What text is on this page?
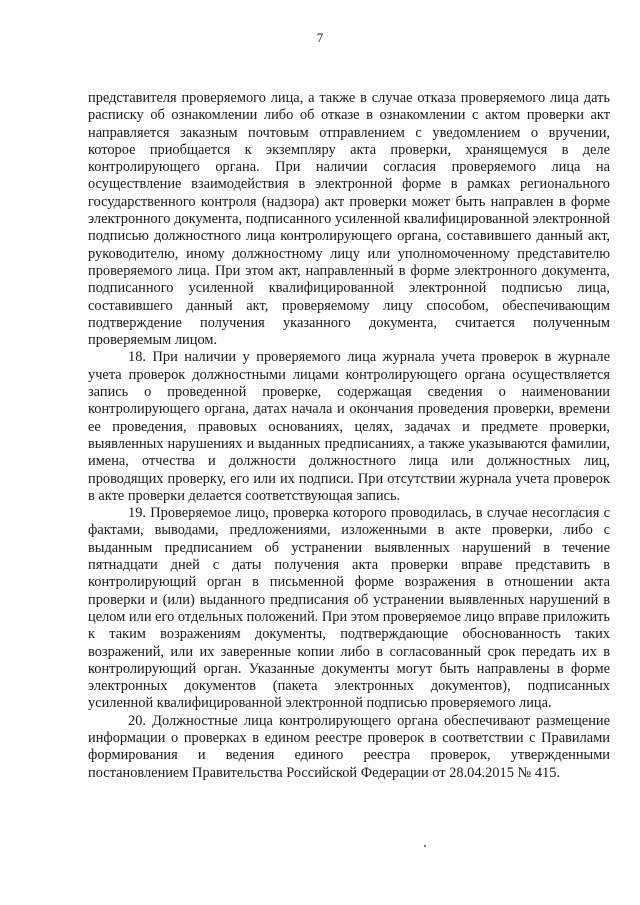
7

представителя проверяемого лица, а также в случае отказа проверяемого лица дать расписку об ознакомлении либо об отказе в ознакомлении с актом проверки акт направляется заказным почтовым отправлением с уведомлением о вручении, которое приобщается к экземпляру акта проверки, хранящемуся в деле контролирующего органа. При наличии согласия проверяемого лица на осуществление взаимодействия в электронной форме в рамках регионального государственного контроля (надзора) акт проверки может быть направлен в форме электронного документа, подписанного усиленной квалифицированной электронной подписью должностного лица контролирующего органа, составившего данный акт, руководителю, иному должностному лицу или уполномоченному представителю проверяемого лица. При этом акт, направленный в форме электронного документа, подписанного усиленной квалифицированной электронной подписью лица, составившего данный акт, проверяемому лицу способом, обеспечивающим подтверждение получения указанного документа, считается полученным проверяемым лицом.

18. При наличии у проверяемого лица журнала учета проверок в журнале учета проверок должностными лицами контролирующего органа осуществляется запись о проведенной проверке, содержащая сведения о наименовании контролирующего органа, датах начала и окончания проведения проверки, времени ее проведения, правовых основаниях, целях, задачах и предмете проверки, выявленных нарушениях и выданных предписаниях, а также указываются фамилии, имена, отчества и должности должностного лица или должностных лиц, проводящих проверку, его или их подписи. При отсутствии журнала учета проверок в акте проверки делается соответствующая запись.

19. Проверяемое лицо, проверка которого проводилась, в случае несогласия с фактами, выводами, предложениями, изложенными в акте проверки, либо с выданным предписанием об устранении выявленных нарушений в течение пятнадцати дней с даты получения акта проверки вправе представить в контролирующий орган в письменной форме возражения в отношении акта проверки и (или) выданного предписания об устранении выявленных нарушений в целом или его отдельных положений. При этом проверяемое лицо вправе приложить к таким возражениям документы, подтверждающие обоснованность таких возражений, или их заверенные копии либо в согласованный срок передать их в контролирующий орган. Указанные документы могут быть направлены в форме электронных документов (пакета электронных документов), подписанных усиленной квалифицированной электронной подписью проверяемого лица.

20. Должностные лица контролирующего органа обеспечивают размещение информации о проверках в едином реестре проверок в соответствии с Правилами формирования и ведения единого реестра проверок, утвержденными постановлением Правительства Российской Федерации от 28.04.2015 № 415.
